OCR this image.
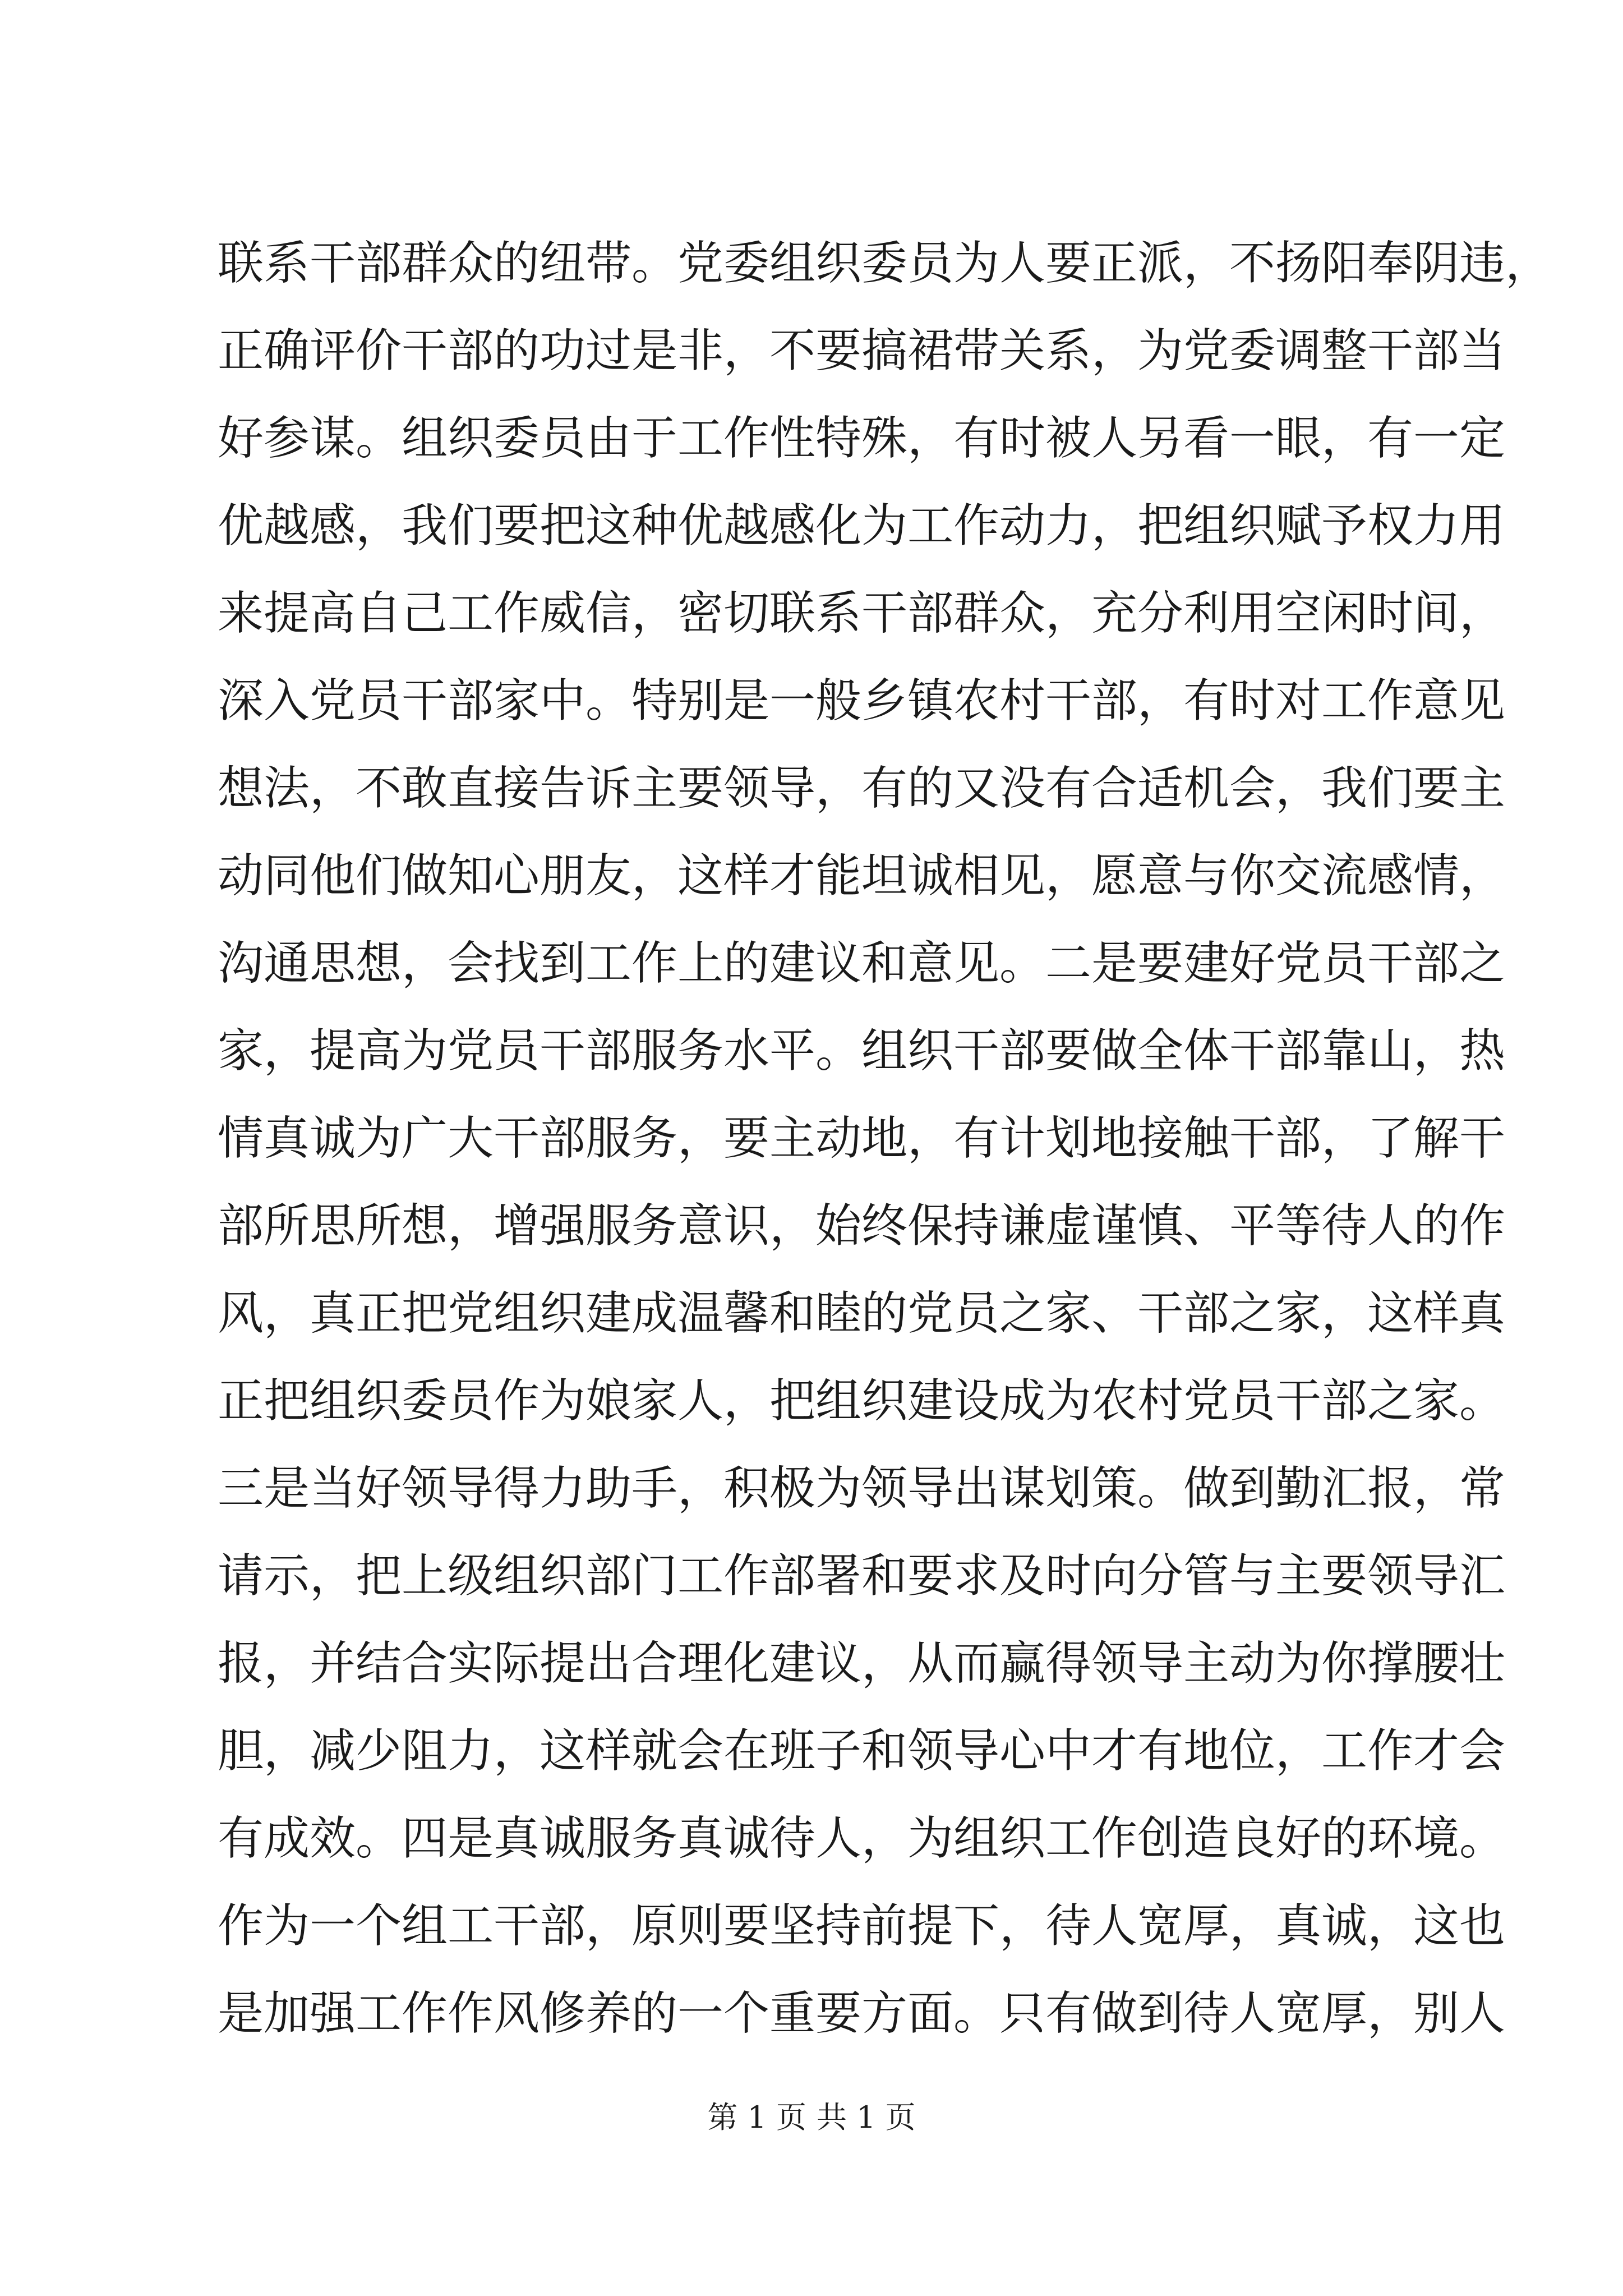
联系干部群众的纽带。党委组织委员为人要正派，不扬阳奉阴违，
正确评价干部的功过是非，不要搞裙带关系，为党委调整干部当
好参谋。组织委员由于工作性特殊，有时被人另看一眼，有一定
优越感，我们要把这种优越感化为工作动力，把组织赋予权力用
来提高自己工作威信，密切联系干部群众，充分利用空闲时间，
深入党员干部家中。特别是一般乡镇农村干部，有时对工作意见
想法，不敢直接告诉主要领导，有的又没有合适机会，我们要主
动同他们做知心朋友，这样才能坦诚相见，愿意与你交流感情，
沟通思想，会找到工作上的建议和意见。二是要建好党员干部之
家，提高为党员干部服务水平。组织干部要做全体干部靠山，热
情真诚为广大干部服务，要主动地，有计划地接触干部，了解干
部所思所想，增强服务意识，始终保持谦虚谨慎、平等待人的作
风，真正把党组织建成温馨和睦的党员之家、干部之家，这样真
正把组织委员作为娘家人，把组织建设成为农村党员干部之家。
三是当好领导得力助手，积极为领导出谋划策。做到勤汇报，常
请示，把上级组织部门工作部署和要求及时向分管与主要领导汇
报，并结合实际提出合理化建议，从而赢得领导主动为你撑腰壮
胆，减少阻力，这样就会在班子和领导心中才有地位，工作才会
有成效。四是真诚服务真诚待人，为组织工作创造良好的环境。
作为一个组工干部，原则要坚持前提下，待人宽厚，真诚，这也
是加强工作作风修养的一个重要方面。只有做到待人宽厚，别人
第 1 页 共 1 页
